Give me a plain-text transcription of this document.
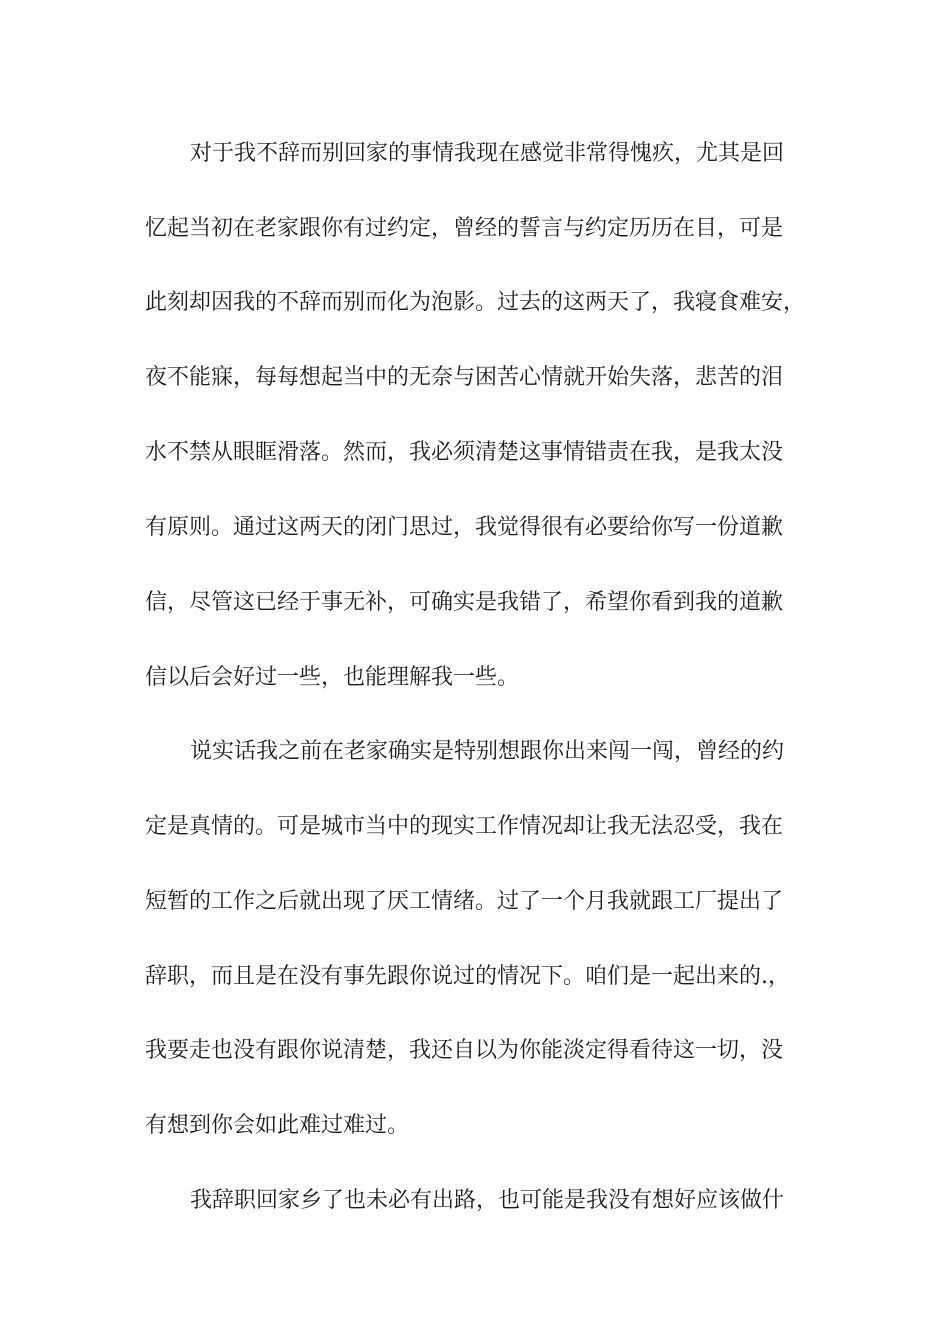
对于我不辞而别回家的事情我现在感觉非常得愧疚，尤其是回
忆起当初在老家跟你有过约定，曾经的誓言与约定历历在目，可是
此刻却因我的不辞而别而化为泡影。过去的这两天了，我寝食难安，
夜不能寐，每每想起当中的无奈与困苦心情就开始失落，悲苦的泪
水不禁从眼眶滑落。然而，我必须清楚这事情错责在我，是我太没
有原则。通过这两天的闭门思过，我觉得很有必要给你写一份道歉
信，尽管这已经于事无补，可确实是我错了，希望你看到我的道歉
信以后会好过一些，也能理解我一些。
说实话我之前在老家确实是特别想跟你出来闯一闯，曾经的约
定是真情的。可是城市当中的现实工作情况却让我无法忍受，我在
短暂的工作之后就出现了厌工情绪。过了一个月我就跟工厂提出了
辞职，而且是在没有事先跟你说过的情况下。咱们是一起出来的.，
我要走也没有跟你说清楚，我还自以为你能淡定得看待这一切，没
有想到你会如此难过难过。
我辞职回家乡了也未必有出路，也可能是我没有想好应该做什
